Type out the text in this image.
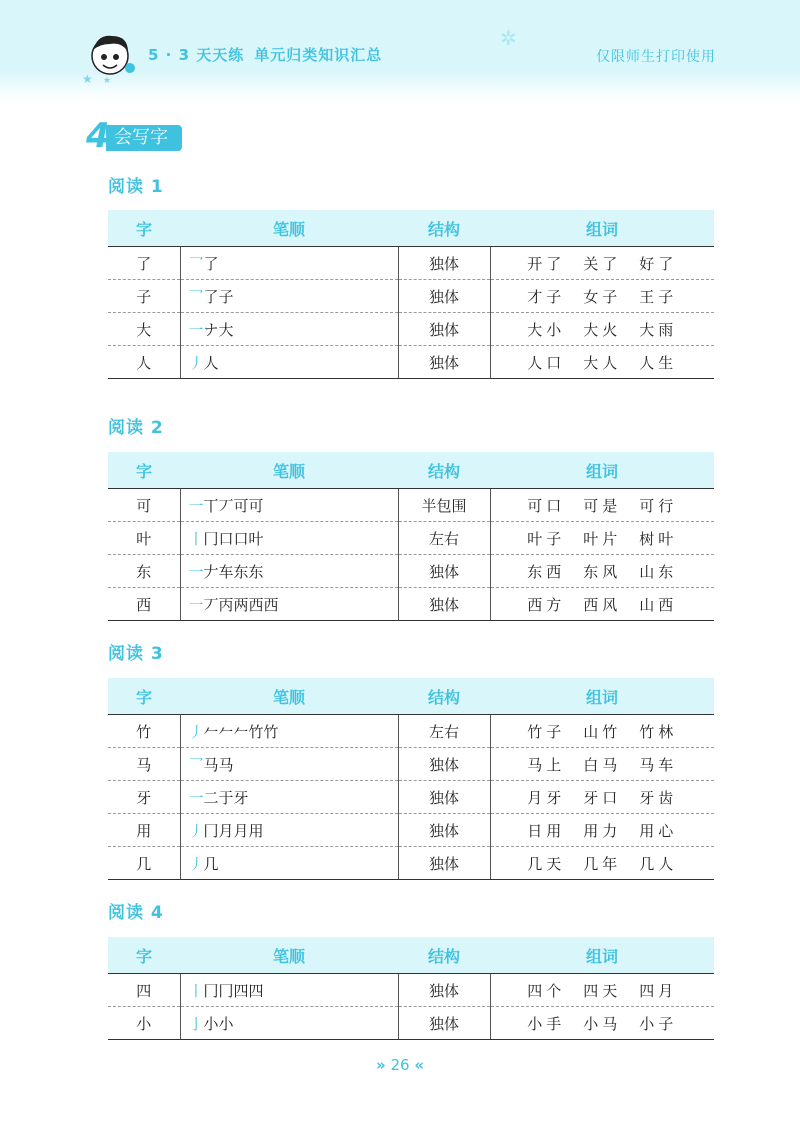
★ ★
✲
5 · 3 天天练 单元归类知识汇总	仅限师生打印使用
会写字
4
阅读 1
字	笔顺	结构	组词
了	乛了	独体	开了 关了 好了
子	乛了子	独体	才子 女子 王子
大	一ナ大	独体	大小 大火 大雨
人	丿人	独体	人口 大人 人生
阅读 2
字	笔顺	结构	组词
可	一丅丆可可	半包围	可口 可是 可行
叶	丨冂口口叶	左右	叶子 叶片 树叶
东	一𠂇车东东	独体	东西 东风 山东
西	一丆丙两西西	独体	西方 西风 山西
阅读 3
字	笔顺	结构	组词
竹	丿𠂉𠂉𠂉竹竹	左右	竹子 山竹 竹林
马	乛马马	独体	马上 白马 马车
牙	一二于牙	独体	月牙 牙口 牙齿
用	丿冂月月用	独体	日用 用力 用心
几	丿几	独体	几天 几年 几人
阅读 4
字	笔顺	结构	组词
四	丨冂冂四四	独体	四个 四天 四月
小	亅小小	独体	小手 小马 小子
» 26 «
